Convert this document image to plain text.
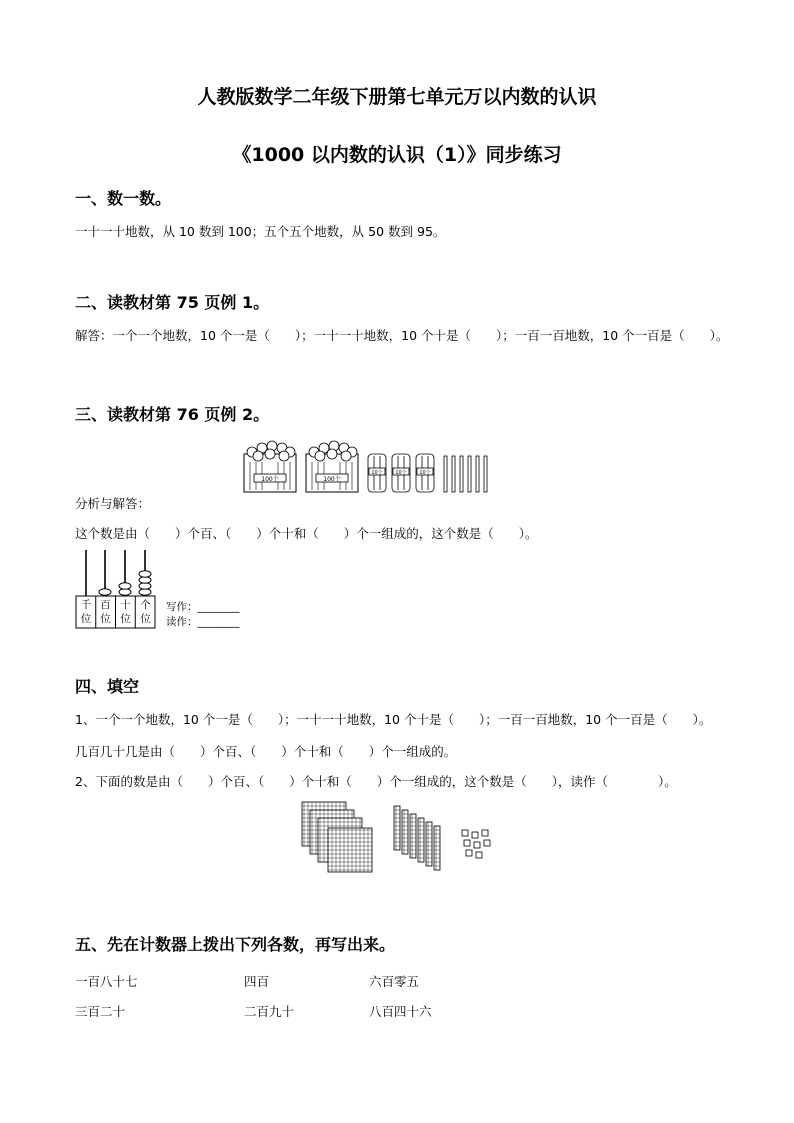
人教版数学二年级下册第七单元万以内数的认识
《1000 以内数的认识（1）》同步练习
一、数一数。
一十一十地数，从 10 数到 100；五个五个地数，从 50 数到 95。
二、读教材第 75 页例 1。
解答：一个一个地数，10 个一是（　　）；一十一十地数，10 个十是（　　）；一百一百地数，10 个一百是（　　）。
三、读教材第 76 页例 2。
100个	100个
10个	10个	10个
分析与解答：
这个数是由（　　）个百、（　　）个十和（　　）个一组成的，这个数是（　　）。
千
位
百
位
十
位
个
位
写作：________
读作：________
四、填空
1、一个一个地数，10 个一是（　　）；一十一十地数，10 个十是（　　）；一百一百地数，10 个一百是（　　）。
几百几十几是由（　　）个百、（　　）个十和（　　）个一组成的。
2、下面的数是由（　　）个百、（　　）个十和（　　）个一组成的，这个数是（　　），读作（　　　　）。
五、先在计数器上拨出下列各数，再写出来。
一百八十七	四百	六百零五
三百二十	二百九十	八百四十六
